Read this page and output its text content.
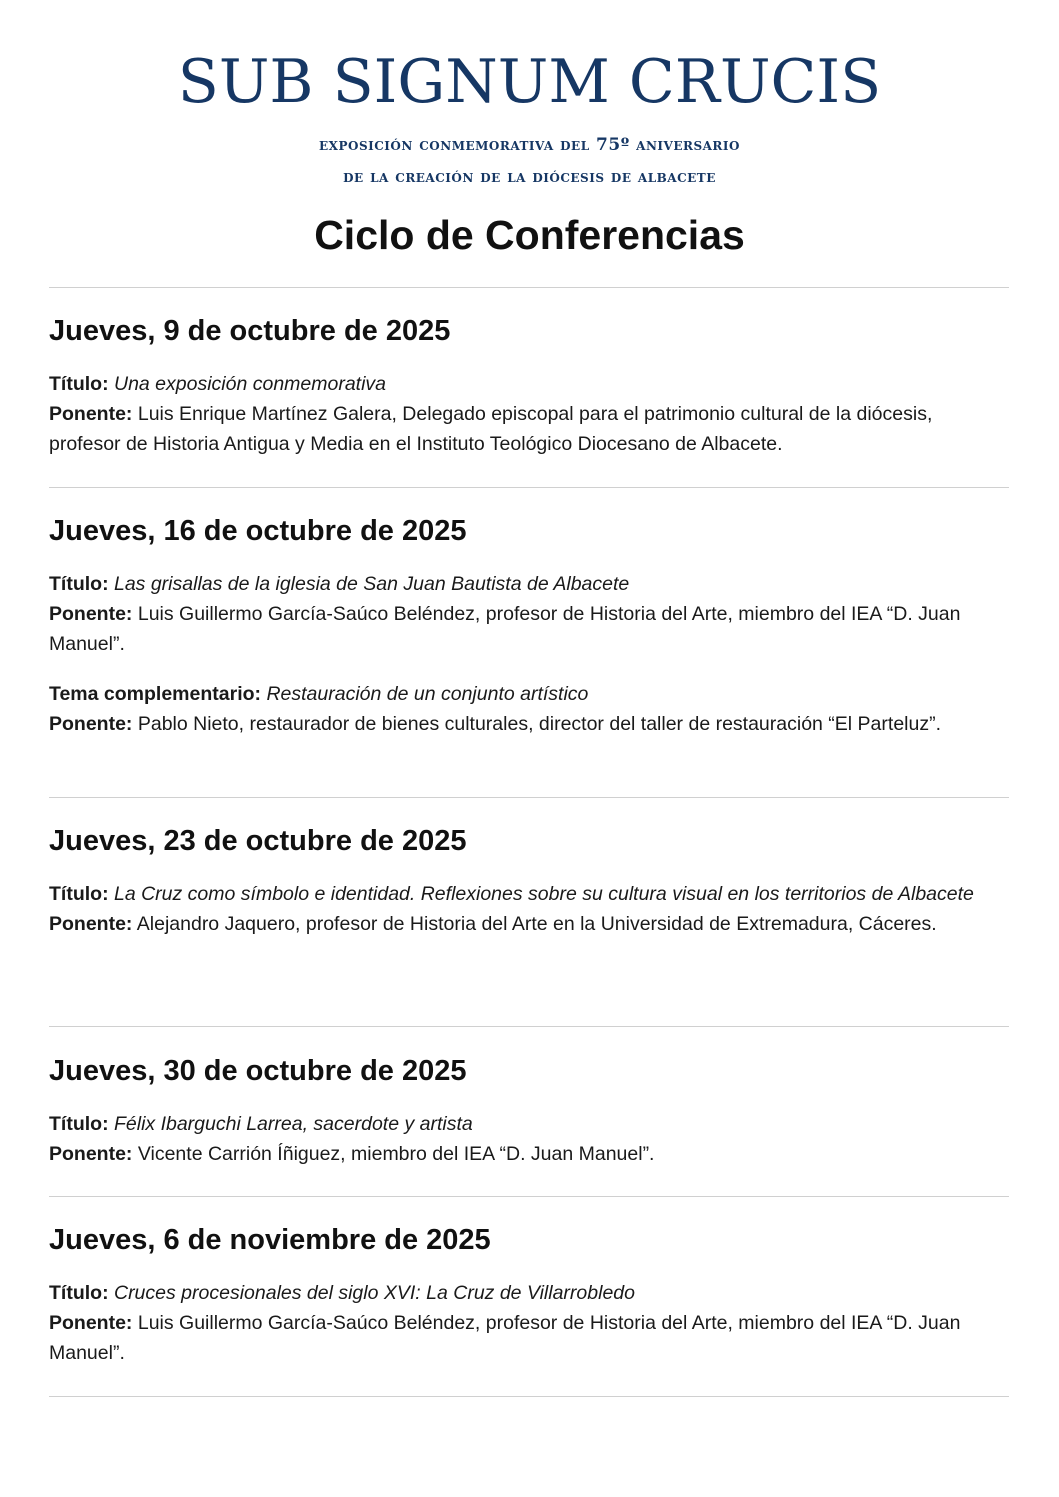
SUB SIGNUM CRUCIS
exposición conmemorativa del 75º aniversario
de la creación de la diócesis de albacete
Ciclo de Conferencias
Jueves, 9 de octubre de 2025

Título: Una exposición conmemorativa

Ponente: Luis Enrique Martínez Galera, Delegado episcopal para el patrimonio cultural de la diócesis, profesor de Historia Antigua y Media en el Instituto Teológico Diocesano de Albacete.

Jueves, 16 de octubre de 2025

Título: Las grisallas de la iglesia de San Juan Bautista de Albacete

Ponente: Luis Guillermo García-Saúco Beléndez, profesor de Historia del Arte, miembro del IEA “D. Juan Manuel”.

Tema complementario: Restauración de un conjunto artístico

Ponente: Pablo Nieto, restaurador de bienes culturales, director del taller de restauración “El Parteluz”.

Jueves, 23 de octubre de 2025

Título: La Cruz como símbolo e identidad. Reflexiones sobre su cultura visual en los territorios de Albacete

Ponente: Alejandro Jaquero, profesor de Historia del Arte en la Universidad de Extremadura, Cáceres.

Jueves, 30 de octubre de 2025

Título: Félix Ibarguchi Larrea, sacerdote y artista

Ponente: Vicente Carrión Íñiguez, miembro del IEA “D. Juan Manuel”.

Jueves, 6 de noviembre de 2025

Título: Cruces procesionales del siglo XVI: La Cruz de Villarrobledo

Ponente: Luis Guillermo García-Saúco Beléndez, profesor de Historia del Arte, miembro del IEA “D. Juan Manuel”.
